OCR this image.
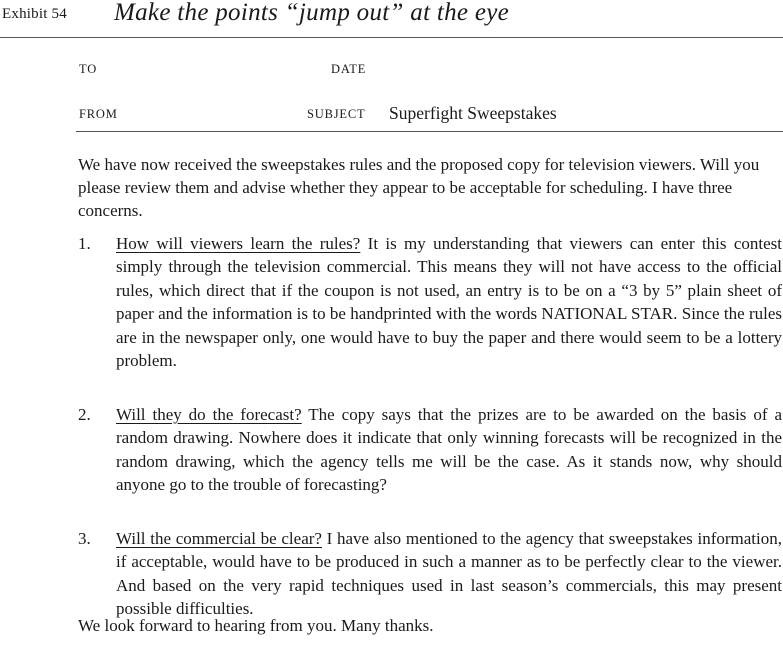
Exhibit 54 Make the points “jump out” at the eye
TO	DATE
FROM	SUBJECT Superfight Sweepstakes
We have now received the sweepstakes rules and the proposed copy for television viewers. Will you please review them and advise whether they appear to be acceptable for scheduling. I have three concerns.
1.	How will viewers learn the rules? It is my understanding that viewers can enter this contest simply through the television commercial. This means they will not have access to the official rules, which direct that if the coupon is not used, an entry is to be on a “3 by 5” plain sheet of paper and the information is to be handprinted with the words NATIONAL STAR. Since the rules are in the newspaper only, one would have to buy the paper and there would seem to be a lottery problem.
2.	Will they do the forecast? The copy says that the prizes are to be awarded on the basis of a random drawing. Nowhere does it indicate that only winning forecasts will be recognized in the random drawing, which the agency tells me will be the case. As it stands now, why should anyone go to the trouble of forecasting?
3.	Will the commercial be clear? I have also mentioned to the agency that sweepstakes information, if acceptable, would have to be produced in such a manner as to be perfectly clear to the viewer. And based on the very rapid techniques used in last season’s commercials, this may present possible difficulties.
We look forward to hearing from you. Many thanks.
